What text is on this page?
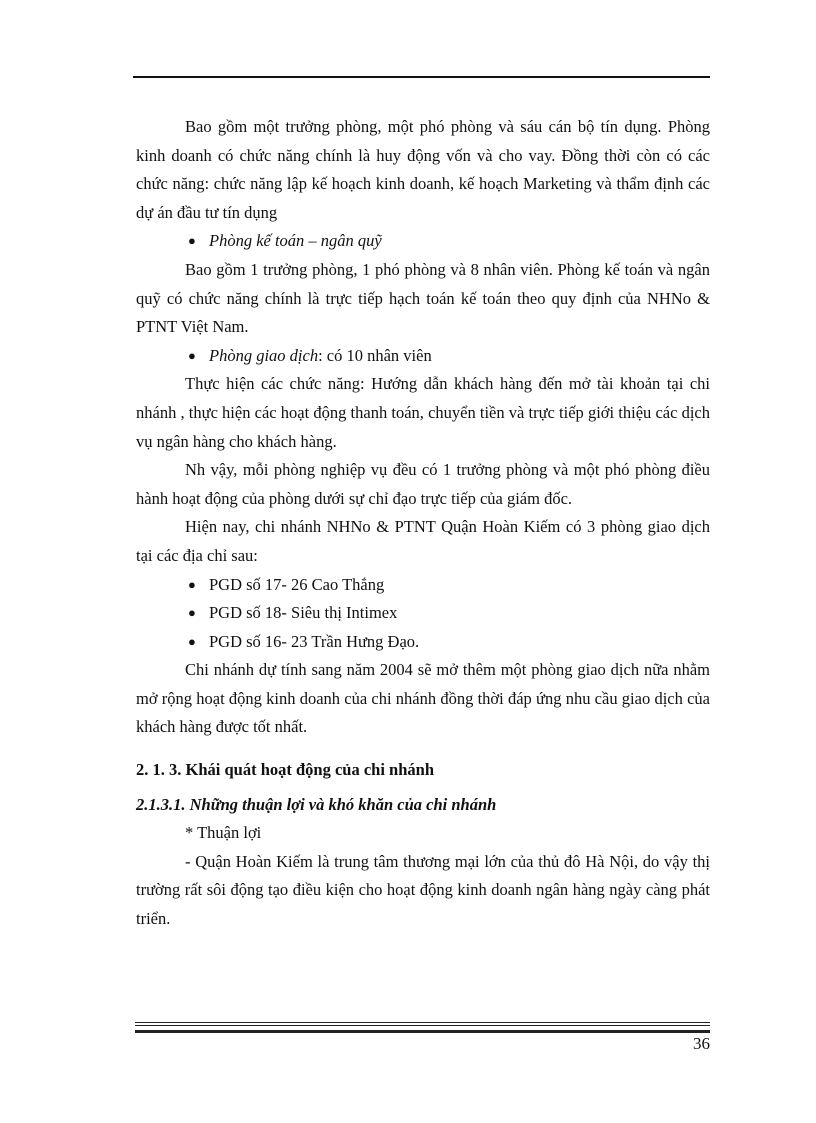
Bao gồm một trưởng phòng, một phó phòng và sáu cán bộ tín dụng. Phòng kinh doanh có chức năng chính là huy động vốn và cho vay. Đồng thời còn có các chức năng: chức năng lập kế hoạch kinh doanh, kế hoạch Marketing và thẩm định các dự án đầu tư tín dụng

● Phòng kế toán – ngân quỹ

Bao gồm 1 trưởng phòng, 1 phó phòng và 8 nhân viên. Phòng kế toán và ngân quỹ có chức năng chính là trực tiếp hạch toán kế toán theo quy định của NHNo & PTNT Việt Nam.

● Phòng giao dịch: có 10 nhân viên

Thực hiện các chức năng: Hướng dẫn khách hàng đến mở tài khoản tại chi nhánh , thực hiện các hoạt động thanh toán, chuyển tiền và trực tiếp giới thiệu các dịch vụ ngân hàng cho khách hàng.

Nh vậy, mỗi phòng nghiệp vụ đều có 1 trưởng phòng và một phó phòng điều hành hoạt động của phòng dưới sự chỉ đạo trực tiếp của giám đốc.

Hiện nay, chi nhánh NHNo & PTNT Quận Hoàn Kiếm có 3 phòng giao dịch tại các địa chỉ sau:

● PGD số 17- 26 Cao Thắng

● PGD số 18- Siêu thị Intimex

● PGD số 16- 23 Trần Hưng Đạo.

Chi nhánh dự tính sang năm 2004 sẽ mở thêm một phòng giao dịch nữa nhằm mở rộng hoạt động kinh doanh của chi nhánh đồng thời đáp ứng nhu cầu giao dịch của khách hàng được tốt nhất.

2. 1. 3. Khái quát hoạt động của chi nhánh

2.1.3.1. Những thuận lợi và khó khăn của chi nhánh

* Thuận lợi

- Quận Hoàn Kiếm là trung tâm thương mại lớn của thủ đô Hà Nội, do vậy thị trường rất sôi động tạo điều kiện cho hoạt động kinh doanh ngân hàng ngày càng phát triển.

36
